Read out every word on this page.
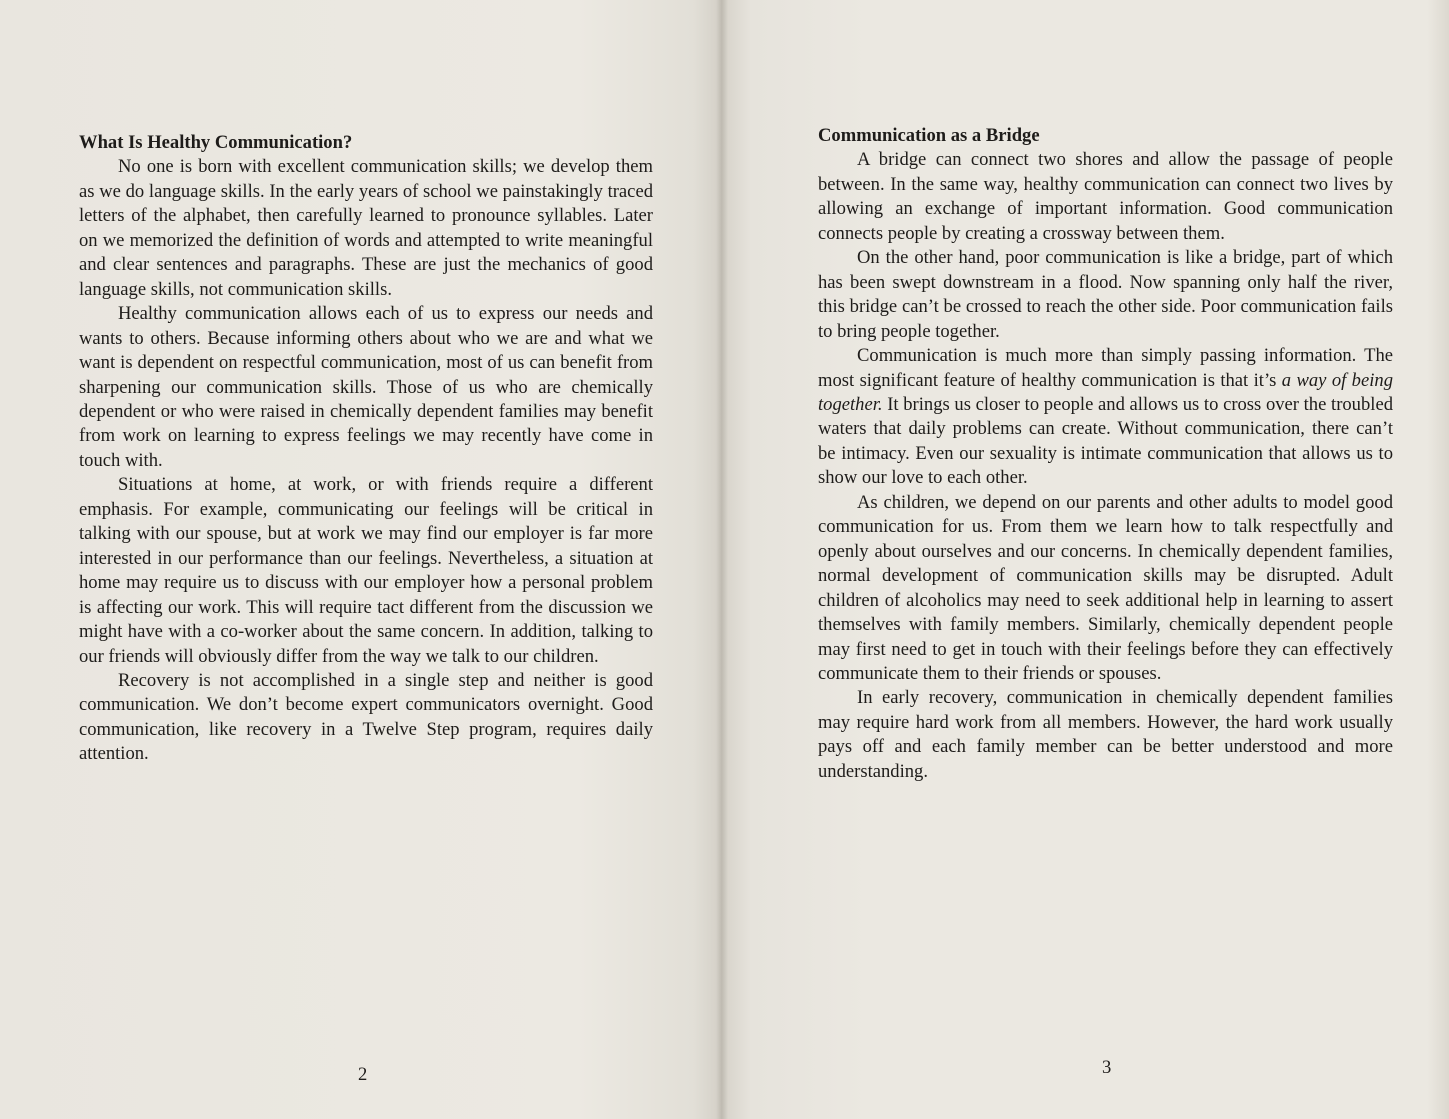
What Is Healthy Communication?

No one is born with excellent communication skills; we develop them as we do language skills. In the early years of school we painstakingly traced letters of the alphabet, then carefully learned to pronounce syllables. Later on we memorized the definition of words and attempted to write meaningful and clear sentences and paragraphs. These are just the mechanics of good language skills, not communication skills.

Healthy communication allows each of us to express our needs and wants to others. Because informing others about who we are and what we want is dependent on respectful communication, most of us can benefit from sharpening our communication skills. Those of us who are chemically dependent or who were raised in chemically dependent families may benefit from work on learning to express feelings we may recently have come in touch with.

Situations at home, at work, or with friends require a different emphasis. For example, communicating our feelings will be critical in talking with our spouse, but at work we may find our employer is far more interested in our performance than our feelings. Nevertheless, a situation at home may require us to discuss with our employer how a personal problem is affecting our work. This will require tact different from the discussion we might have with a co-worker about the same concern. In addition, talking to our friends will obviously differ from the way we talk to our children.

Recovery is not accomplished in a single step and neither is good communication. We don’t become expert communicators overnight. Good communication, like recovery in a Twelve Step program, requires daily attention.

2
Communication as a Bridge

A bridge can connect two shores and allow the passage of people between. In the same way, healthy communication can connect two lives by allowing an exchange of important information. Good communication connects people by creating a crossway between them.

On the other hand, poor communication is like a bridge, part of which has been swept downstream in a flood. Now spanning only half the river, this bridge can’t be crossed to reach the other side. Poor communication fails to bring people together.

Communication is much more than simply passing information. The most significant feature of healthy communication is that it’s a way of being together. It brings us closer to people and allows us to cross over the troubled waters that daily problems can create. Without communication, there can’t be intimacy. Even our sexuality is intimate communication that allows us to show our love to each other.

As children, we depend on our parents and other adults to model good communication for us. From them we learn how to talk respectfully and openly about ourselves and our concerns. In chemically dependent families, normal development of communication skills may be disrupted. Adult children of alcoholics may need to seek additional help in learning to assert themselves with family members. Similarly, chemically dependent people may first need to get in touch with their feelings before they can effectively communicate them to their friends or spouses.

In early recovery, communication in chemically dependent families may require hard work from all members. However, the hard work usually pays off and each family member can be better understood and more understanding.

3
